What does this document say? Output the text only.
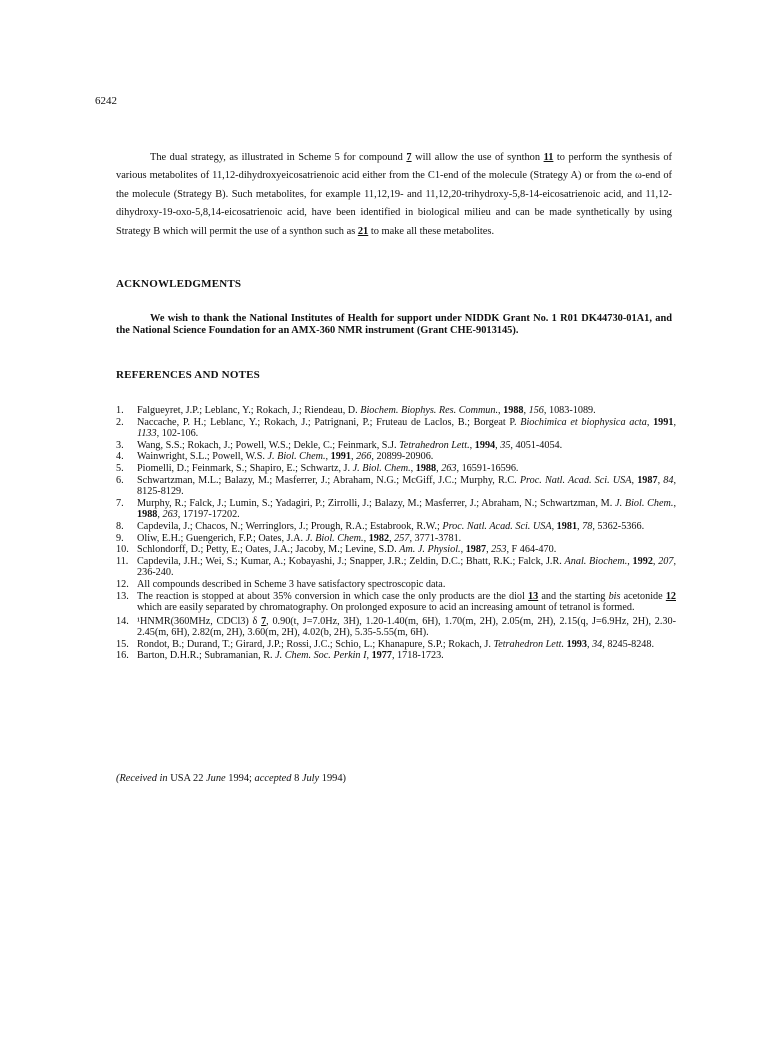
6242
The dual strategy, as illustrated in Scheme 5 for compound 7 will allow the use of synthon 11 to perform the synthesis of various metabolites of 11,12-dihydroxyeicosatrienoic acid either from the C1-end of the molecule (Strategy A) or from the ω-end of the molecule (Strategy B). Such metabolites, for example 11,12,19- and 11,12,20-trihydroxy-5,8-14-eicosatrienoic acid, and 11,12-dihydroxy-19-oxo-5,8,14-eicosatrienoic acid, have been identified in biological milieu and can be made synthetically by using Strategy B which will permit the use of a synthon such as 21 to make all these metabolites.
ACKNOWLEDGMENTS
We wish to thank the National Institutes of Health for support under NIDDK Grant No. 1 R01 DK44730-01A1, and the National Science Foundation for an AMX-360 NMR instrument (Grant CHE-9013145).
REFERENCES AND NOTES
1.	Falgueyret, J.P.; Leblanc, Y.; Rokach, J.; Riendeau, D. Biochem. Biophys. Res. Commun., 1988, 156, 1083-1089.
2.	Naccache, P. H.; Leblanc, Y.; Rokach, J.; Patrignani, P.; Fruteau de Laclos, B.; Borgeat P. Biochimica et biophysica acta, 1991, 1133, 102-106.
3.	Wang, S.S.; Rokach, J.; Powell, W.S.; Dekle, C.; Feinmark, S.J. Tetrahedron Lett., 1994, 35, 4051-4054.
4.	Wainwright, S.L.; Powell, W.S. J. Biol. Chem., 1991, 266, 20899-20906.
5.	Piomelli, D.; Feinmark, S.; Shapiro, E.; Schwartz, J. J. Biol. Chem., 1988, 263, 16591-16596.
6.	Schwartzman, M.L.; Balazy, M.; Masferrer, J.; Abraham, N.G.; McGiff, J.C.; Murphy, R.C. Proc. Natl. Acad. Sci. USA, 1987, 84, 8125-8129.
7.	Murphy, R.; Falck, J.; Lumin, S.; Yadagiri, P.; Zirrolli, J.; Balazy, M.; Masferrer, J.; Abraham, N.; Schwartzman, M. J. Biol. Chem., 1988, 263, 17197-17202.
8.	Capdevila, J.; Chacos, N.; Werringlors, J.; Prough, R.A.; Estabrook, R.W.; Proc. Natl. Acad. Sci. USA, 1981, 78, 5362-5366.
9.	Oliw, E.H.; Guengerich, F.P.; Oates, J.A. J. Biol. Chem., 1982, 257, 3771-3781.
10. Schlondorff, D.; Petty, E.; Oates, J.A.; Jacoby, M.; Levine, S.D. Am. J. Physiol., 1987, 253, F 464-470.
11. Capdevila, J.H.; Wei, S.; Kumar, A.; Kobayashi, J.; Snapper, J.R.; Zeldin, D.C.; Bhatt, R.K.; Falck, J.R. Anal. Biochem., 1992, 207, 236-240.
12. All compounds described in Scheme 3 have satisfactory spectroscopic data.
13. The reaction is stopped at about 35% conversion in which case the only products are the diol 13 and the starting bis acetonide 12 which are easily separated by chromatography. On prolonged exposure to acid an increasing amount of tetranol is formed.
14. ¹HNMR(360MHz, CDCl3) δ 7, 0.90(t, J=7.0Hz, 3H), 1.20-1.40(m, 6H), 1.70(m, 2H), 2.05(m, 2H), 2.15(q, J=6.9Hz, 2H), 2.30-2.45(m, 6H), 2.82(m, 2H), 3.60(m, 2H), 4.02(b, 2H), 5.35-5.55(m, 6H).
15. Rondot, B.; Durand, T.; Girard, J.P.; Rossi, J.C.; Schio, L.; Khanapure, S.P.; Rokach, J. Tetrahedron Lett. 1993, 34, 8245-8248.
16. Barton, D.H.R.; Subramanian, R. J. Chem. Soc. Perkin I, 1977, 1718-1723.
(Received in USA 22 June 1994; accepted 8 July 1994)
